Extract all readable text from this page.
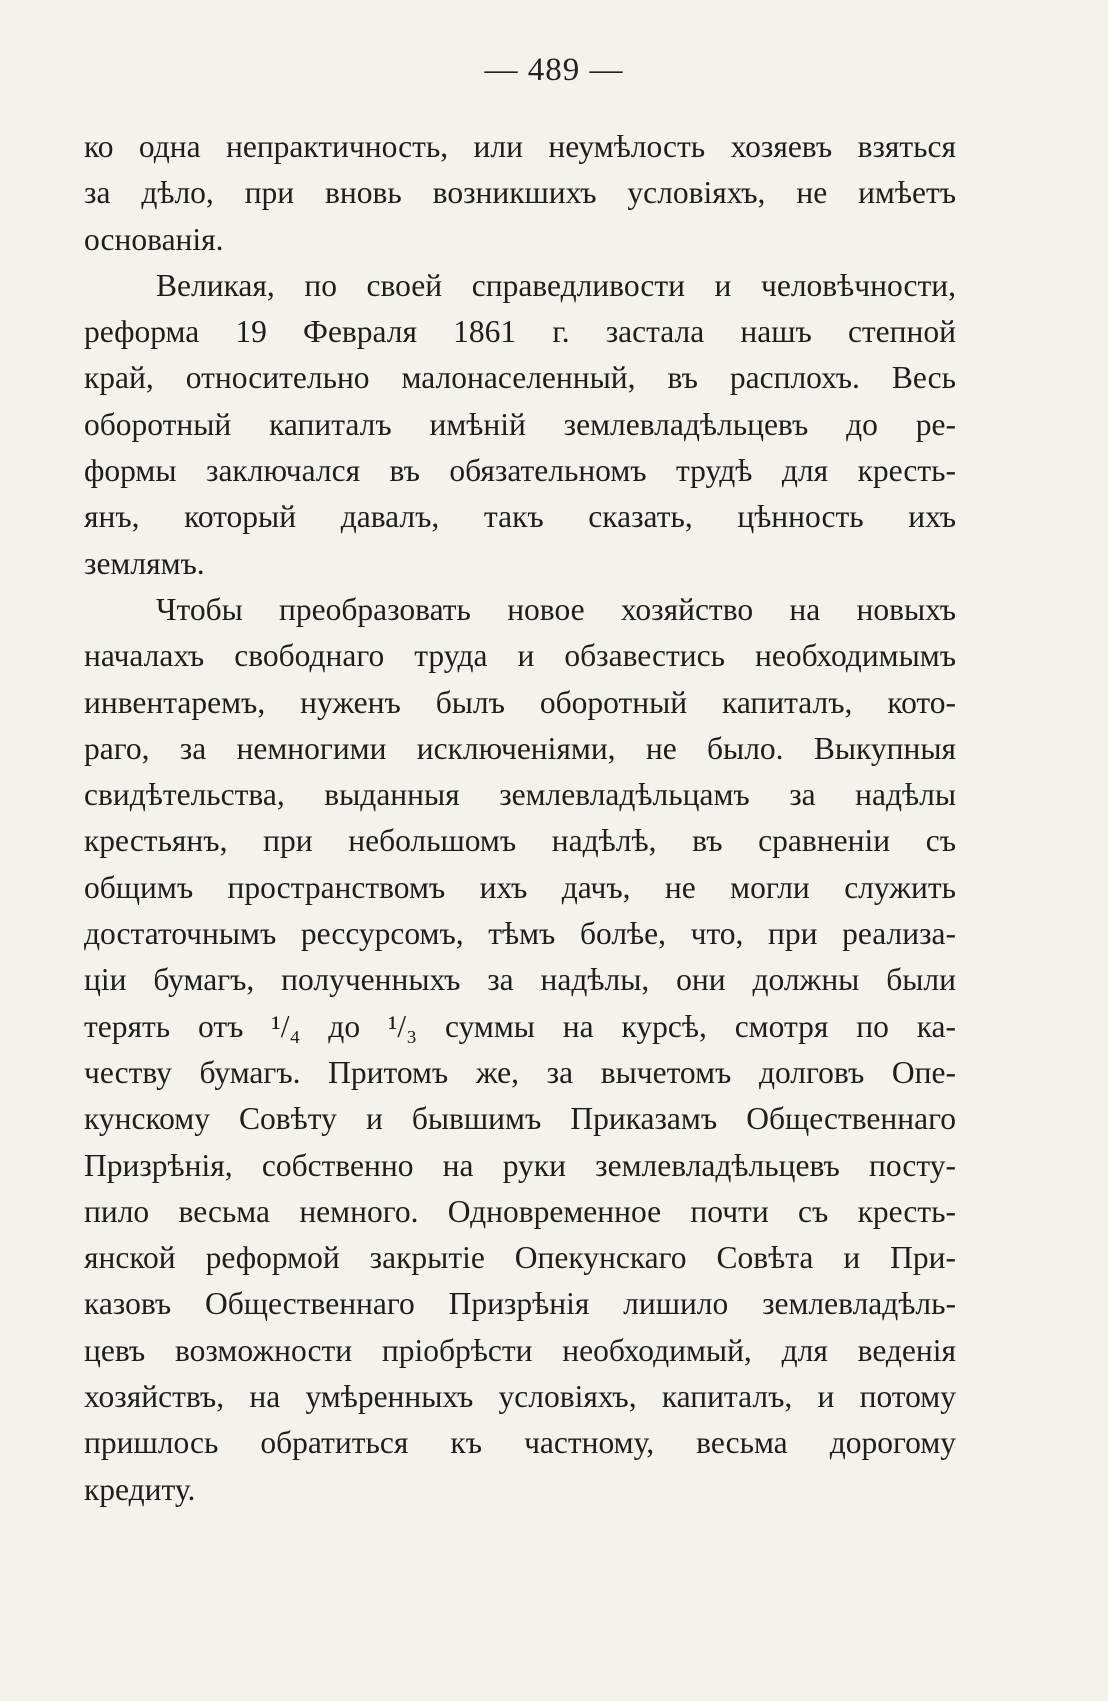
— 489 —
ко одна непрактичность, или неумѣлость хозяевъ взяться
за дѣло, при вновь возникшихъ условіяхъ, не имѣетъ
основанія.
Великая, по своей справедливости и человѣчности,
реформа 19 Февраля 1861 г. застала нашъ степной
край, относительно малонаселенный, въ расплохъ. Весь
оборотный капиталъ имѣній землевладѣльцевъ до ре-
формы заключался въ обязательномъ трудѣ для кресть-
янъ, который давалъ, такъ сказать, цѣнность ихъ
землямъ.
Чтобы преобразовать новое хозяйство на новыхъ
началахъ свободнаго труда и обзавестись необходимымъ
инвентаремъ, нуженъ былъ оборотный капиталъ, кото-
раго, за немногими исключеніями, не было. Выкупныя
свидѣтельства, выданныя землевладѣльцамъ за надѣлы
крестьянъ, при небольшомъ надѣлѣ, въ сравненіи съ
общимъ пространствомъ ихъ дачъ, не могли служить
достаточнымъ рессурсомъ, тѣмъ болѣе, что, при реализа-
ціи бумагъ, полученныхъ за надѣлы, они должны были
терять отъ ¹/₄ до ¹/₃ суммы на курсѣ, смотря по ка-
честву бумагъ. Притомъ же, за вычетомъ долговъ Опе-
кунскому Совѣту и бывшимъ Приказамъ Общественнаго
Призрѣнія, собственно на руки землевладѣльцевъ посту-
пило весьма немного. Одновременное почти съ кресть-
янской реформой закрытіе Опекунскаго Совѣта и При-
казовъ Общественнаго Призрѣнія лишило землевладѣль-
цевъ возможности пріобрѣсти необходимый, для веденія
хозяйствъ, на умѣренныхъ условіяхъ, капиталъ, и потому
пришлось обратиться къ частному, весьма дорогому
кредиту.
